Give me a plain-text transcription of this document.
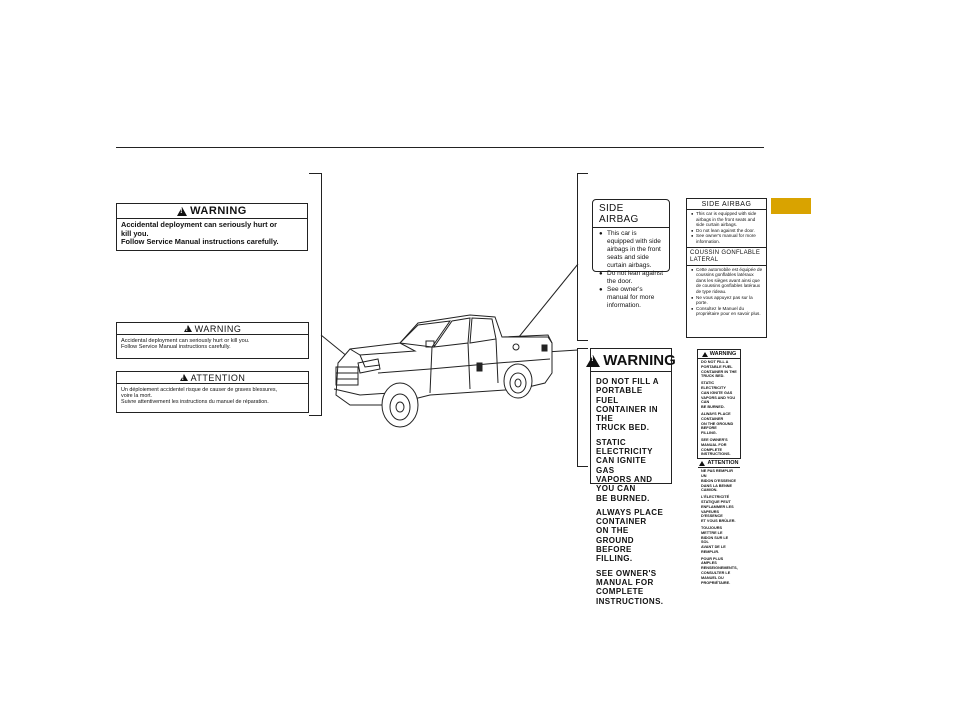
!
WARNING
Accidental deployment can seriously hurt or
kill you.
Follow Service Manual instructions carefully.
!
WARNING
Accidental deployment can seriously hurt or kill you.
Follow Service Manual instructions carefully.
!
ATTENTION
Un déploiement accidentel risque de causer de graves blessures,
voire la mort.
Suivre attentivement les instructions du manuel de réparation.
SIDE AIRBAG
● This car is equipped with side airbags in the front seats and side curtain airbags.
● Do not lean against the door.
● See owner's manual for more information.
SIDE AIRBAG
● This car is equipped with side airbags in the front seats and side curtain airbags.
● Do not lean against the door.
● See owner's manual for more information.
COUSSIN GONFLABLE LATERAL
● Cette automobile est équipée de coussins gonflables latéraux dans les sièges avant ainsi que de coussins gonflables latéraux de type rideau.
● Ne vous appuyez pas sur la porte.
● Consultez le Manuel du propriétaire pour en savoir plus.
!
WARNING
DO NOT FILL A
PORTABLE FUEL
CONTAINER IN THE
TRUCK BED.
STATIC ELECTRICITY
CAN IGNITE GAS
VAPORS AND YOU CAN
BE BURNED.
ALWAYS PLACE CONTAINER
ON THE GROUND BEFORE
FILLING.
SEE OWNER'S MANUAL FOR
COMPLETE INSTRUCTIONS.
WARNING
DO NOT FILL A
PORTABLE FUEL
CONTAINER IN THE
TRUCK BED.
STATIC ELECTRICITY
CAN IGNITE GAS
VAPORS AND YOU CAN
BE BURNED.
ALWAYS PLACE CONTAINER
ON THE GROUND BEFORE
FILLING.
SEE OWNER'S MANUAL FOR
COMPLETE INSTRUCTIONS.
ATTENTION
NE PAS REMPLIR UN
BIDON D'ESSENCE
DANS LA BENNE
CAMION.
L'ÉLECTRICITÉ
STATIQUE PEUT
ENFLAMMER LES
VAPEURS D'ESSENCE
ET VOUS BRÛLER.
TOUJOURS METTRE LE
BIDON SUR LE SOL
AVANT DE LE REMPLIR.
POUR PLUS AMPLES
RENSEIGNEMENTS,
CONSULTER LE MANUEL DU
PROPRIÉTAIRE.
